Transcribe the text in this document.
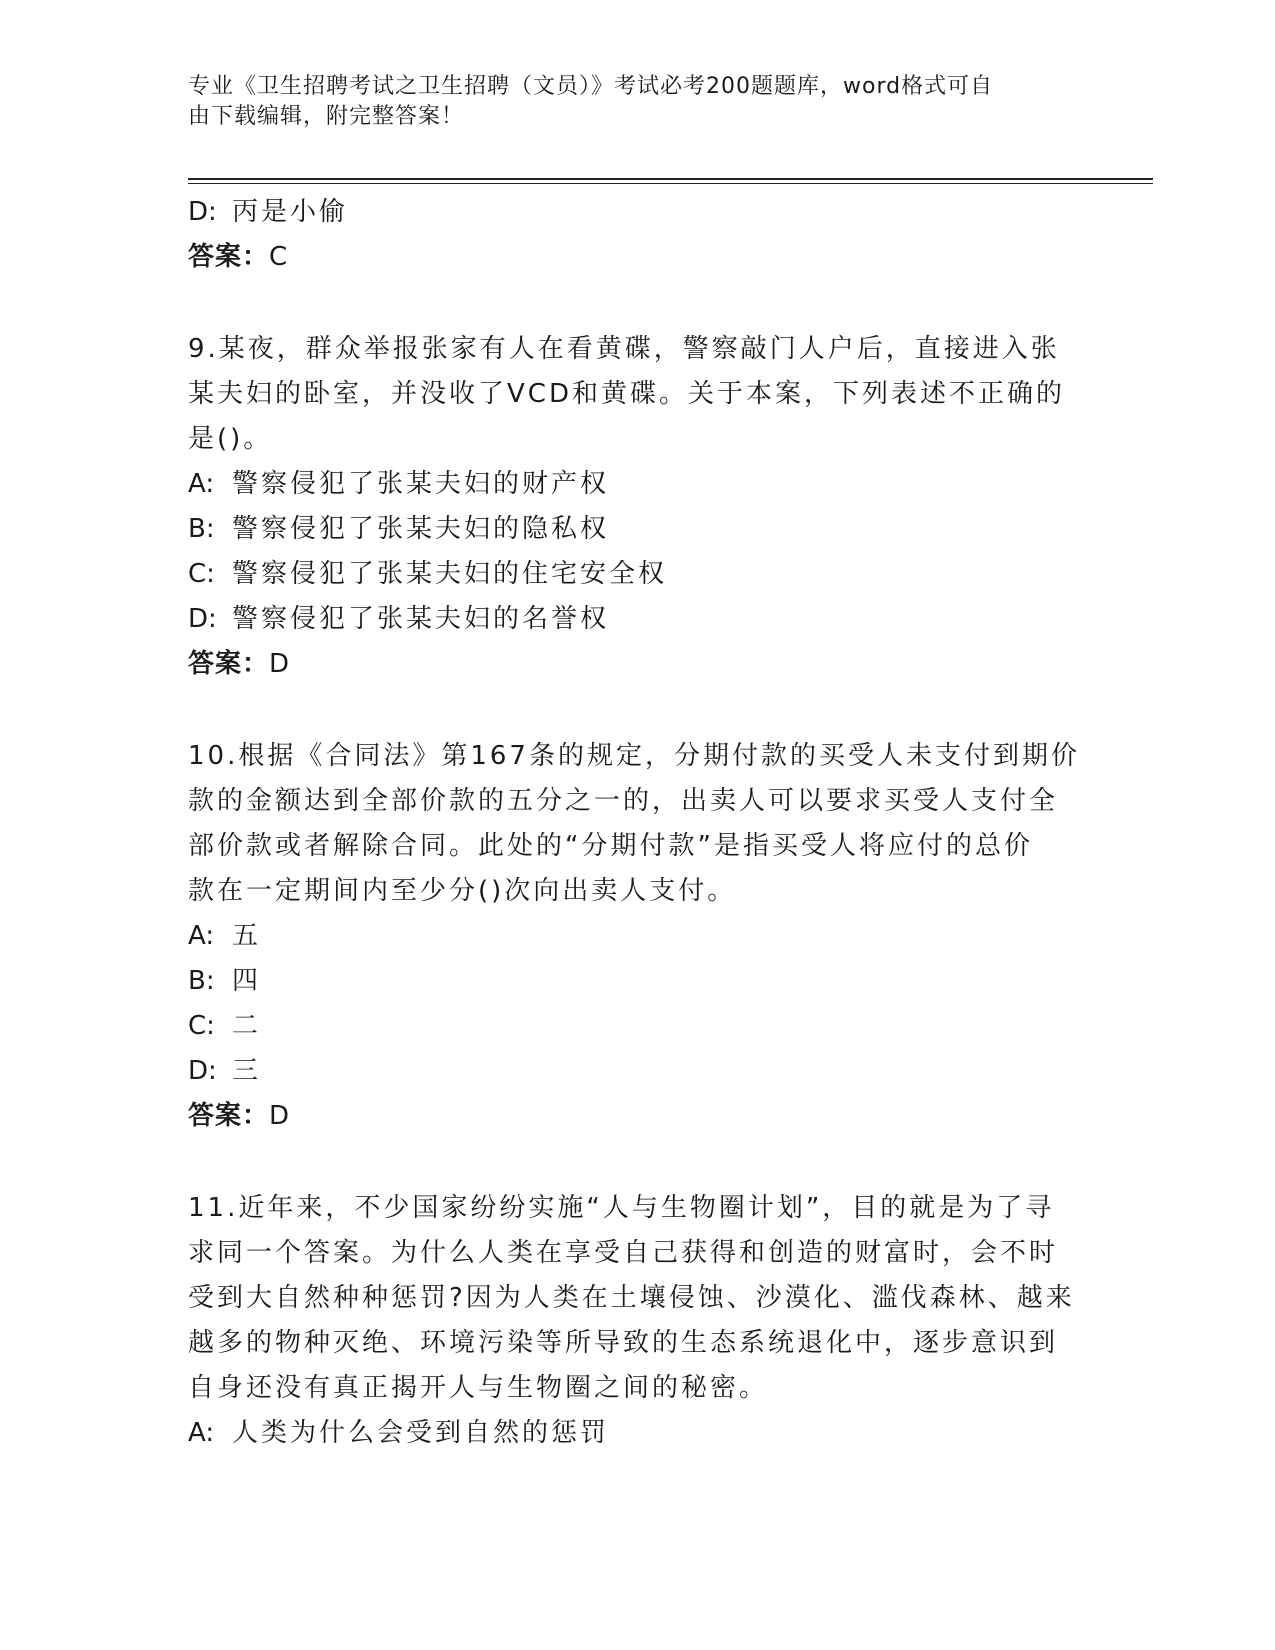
专业《卫生招聘考试之卫生招聘（文员）》考试必考200题题库，word格式可自
由下载编辑，附完整答案！
D: 丙是小偷
答案：C
9.某夜，群众举报张家有人在看黄碟，警察敲门人户后，直接进入张
某夫妇的卧室，并没收了VCD和黄碟。关于本案，下列表述不正确的
是()。
A: 警察侵犯了张某夫妇的财产权
B: 警察侵犯了张某夫妇的隐私权
C: 警察侵犯了张某夫妇的住宅安全权
D: 警察侵犯了张某夫妇的名誉权
答案：D
10.根据《合同法》第167条的规定，分期付款的买受人未支付到期价
款的金额达到全部价款的五分之一的，出卖人可以要求买受人支付全
部价款或者解除合同。此处的“分期付款”是指买受人将应付的总价
款在一定期间内至少分()次向出卖人支付。
A: 五
B: 四
C: 二
D: 三
答案：D
11.近年来，不少国家纷纷实施“人与生物圈计划”，目的就是为了寻
求同一个答案。为什么人类在享受自己获得和创造的财富时，会不时
受到大自然种种惩罚?因为人类在土壤侵蚀、沙漠化、滥伐森林、越来
越多的物种灭绝、环境污染等所导致的生态系统退化中，逐步意识到
自身还没有真正揭开人与生物圈之间的秘密。
A: 人类为什么会受到自然的惩罚
